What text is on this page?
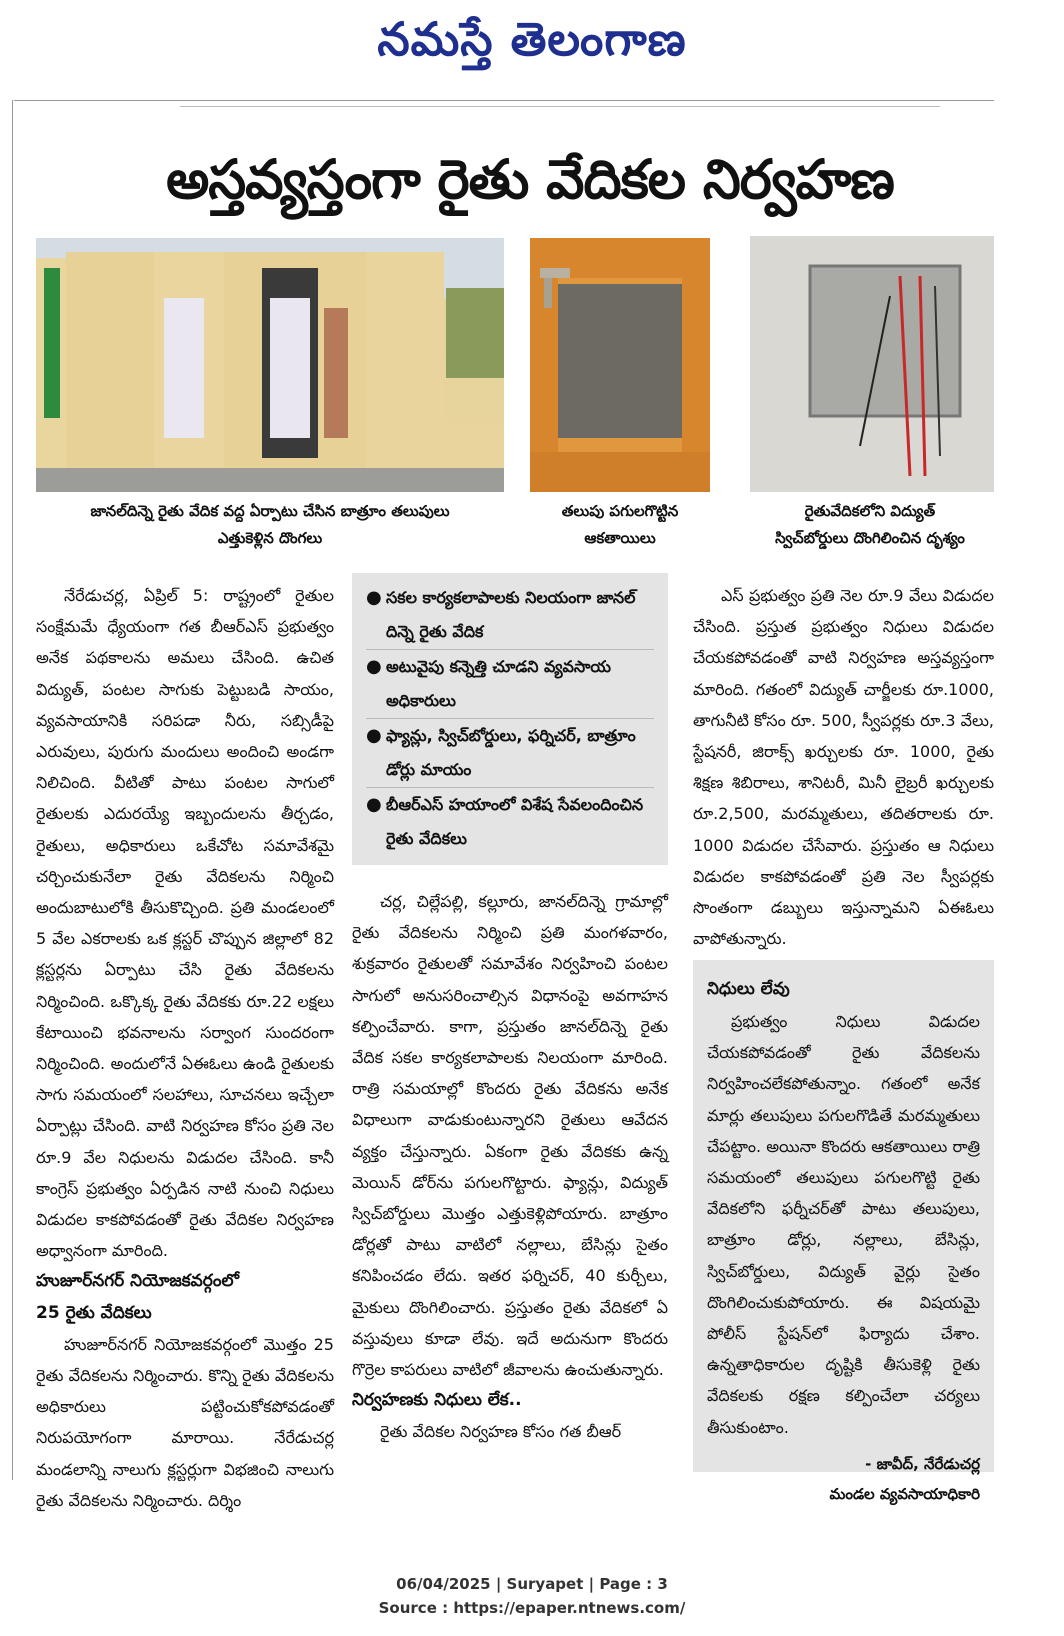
నమస్తే తెలంగాణ
అస్తవ్యస్తంగా రైతు వేదికల నిర్వహణ
జానల్‌దిన్నె రైతు వేదిక వద్ద ఏర్పాటు చేసిన బాత్రూం తలుపులు
ఎత్తుకెళ్లిన దొంగలు
తలుపు పగులగొట్టిన
ఆకతాయిలు
రైతువేదికలోని విద్యుత్
స్విచ్‌బోర్డులు దొంగిలించిన దృశ్యం

నేరేడుచర్ల, ఏప్రిల్ 5: రాష్ట్రంలో రైతుల సంక్షేమమే ధ్యేయంగా గత బీఆర్‌ఎస్ ప్రభుత్వం అనేక పథకాలను అమలు చేసింది. ఉచిత విద్యుత్, పంటల సాగుకు పెట్టుబడి సాయం, వ్యవసాయానికి సరిపడా నీరు, సబ్సిడీపై ఎరువులు, పురుగు మందులు అందించి అండగా నిలిచింది. వీటితో పాటు పంటల సాగులో రైతులకు ఎదురయ్యే ఇబ్బందులను తీర్చడం, రైతులు, అధికారులు ఒకేచోట సమావేశమై చర్చించుకునేలా రైతు వేదికలను నిర్మించి అందుబాటులోకి తీసుకొచ్చింది. ప్రతి మండలంలో 5 వేల ఎకరాలకు ఒక క్లస్టర్ చొప్పున జిల్లాలో 82 క్లస్టర్లను ఏర్పాటు చేసి రైతు వేదికలను నిర్మించింది. ఒక్కొక్క రైతు వేదికకు రూ.22 లక్షలు కేటాయించి భవనాలను సర్వాంగ సుందరంగా నిర్మించింది. అందులోనే ఏఈఓలు ఉండి రైతులకు సాగు సమయంలో సలహాలు, సూచనలు ఇచ్చేలా ఏర్పాట్లు చేసింది. వాటి నిర్వహణ కోసం ప్రతి నెల రూ.9 వేల నిధులను విడుదల చేసింది. కానీ కాంగ్రెస్ ప్రభుత్వం ఏర్పడిన నాటి నుంచి నిధులు విడుదల కాకపోవడంతో రైతు వేదికల నిర్వహణ అధ్వానంగా మారింది.

హుజూర్‌నగర్ నియోజకవర్గంలో

25 రైతు వేదికలు

హుజూర్‌నగర్ నియోజకవర్గంలో మొత్తం 25 రైతు వేదికలను నిర్మించారు. కొన్ని రైతు వేదికలను అధికారులు పట్టించుకోకపోవడంతో నిరుపయోగంగా మారాయి. నేరేడుచర్ల మండలాన్ని నాలుగు క్లస్టర్లుగా విభజించి నాలుగు రైతు వేదికలను నిర్మించారు. దిర్శిం

● సకల కార్యకలాపాలకు నిలయంగా జానల్ దిన్నె రైతు వేదిక
● అటువైపు కన్నెత్తి చూడని వ్యవసాయ అధికారులు
● ఫ్యాన్లు, స్విచ్‌బోర్డులు, ఫర్నిచర్, బాత్రూం డోర్లు మాయం
● బీఆర్‌ఎస్ హయాంలో విశేష సేవలందించిన రైతు వేదికలు

చర్ల, చిల్లేపల్లి, కల్లూరు, జానల్‌దిన్నె గ్రామాల్లో రైతు వేదికలను నిర్మించి ప్రతి మంగళవారం, శుక్రవారం రైతులతో సమావేశం నిర్వహించి పంటల సాగులో అనుసరించాల్సిన విధానంపై అవగాహన కల్పించేవారు. కాగా, ప్రస్తుతం జానల్‌దిన్నె రైతు వేదిక సకల కార్యకలాపాలకు నిలయంగా మారింది. రాత్రి సమయాల్లో కొందరు రైతు వేదికను అనేక విధాలుగా వాడుకుంటున్నారని రైతులు ఆవేదన వ్యక్తం చేస్తున్నారు. ఏకంగా రైతు వేదికకు ఉన్న మెయిన్ డోర్‌ను పగులగొట్టారు. ఫ్యాన్లు, విద్యుత్ స్విచ్‌బోర్డులు మొత్తం ఎత్తుకెళ్లిపోయారు. బాత్రూం డోర్లతో పాటు వాటిలో నల్లాలు, బేసిన్లు సైతం కనిపించడం లేదు. ఇతర ఫర్నిచర్, 40 కుర్చీలు, మైకులు దొంగిలించారు. ప్రస్తుతం రైతు వేదికలో ఏ వస్తువులు కూడా లేవు. ఇదే అదునుగా కొందరు గొర్రెల కాపరులు వాటిలో జీవాలను ఉంచుతున్నారు.

నిర్వహణకు నిధులు లేక..

రైతు వేదికల నిర్వహణ కోసం గత బీఆర్

ఎస్ ప్రభుత్వం ప్రతి నెల రూ.9 వేలు విడుదల చేసింది. ప్రస్తుత ప్రభుత్వం నిధులు విడుదల చేయకపోవడంతో వాటి నిర్వహణ అస్తవ్యస్తంగా మారింది. గతంలో విద్యుత్ చార్జీలకు రూ.1000, తాగునీటి కోసం రూ. 500, స్వీపర్లకు రూ.3 వేలు, స్టేషనరీ, జిరాక్స్ ఖర్చులకు రూ. 1000, రైతు శిక్షణ శిబిరాలు, శానిటరీ, మినీ లైబ్రరీ ఖర్చులకు రూ.2,500, మరమ్మతులు, తదితరాలకు రూ. 1000 విడుదల చేసేవారు. ప్రస్తుతం ఆ నిధులు విడుదల కాకపోవడంతో ప్రతి నెల స్వీపర్లకు సొంతంగా డబ్బులు ఇస్తున్నామని ఏఈఓలు వాపోతున్నారు.

నిధులు లేవు
ప్రభుత్వం నిధులు విడుదల చేయకపోవడంతో రైతు వేదికలను నిర్వహించలేకపోతున్నాం. గతంలో అనేక మార్లు తలుపులు పగులగొడితే మరమ్మతులు చేపట్టాం. అయినా కొందరు ఆకతాయిలు రాత్రి సమయంలో తలుపులు పగులగొట్టి రైతు వేదికలోని ఫర్నీచర్‌తో పాటు తలుపులు, బాత్రూం డోర్లు, నల్లాలు, బేసిన్లు, స్విచ్‌బోర్డులు, విద్యుత్ వైర్లు సైతం దొంగిలించుకుపోయారు. ఈ విషయమై పోలీస్ స్టేషన్‌లో ఫిర్యాదు చేశాం. ఉన్నతాధికారుల దృష్టికి తీసుకెళ్లి రైతు వేదికలకు రక్షణ కల్పించేలా చర్యలు తీసుకుంటాం.
- జావీద్, నేరేడుచర్ల
మండల వ్యవసాయాధికారి
06/04/2025 | Suryapet | Page : 3
Source : https://epaper.ntnews.com/
